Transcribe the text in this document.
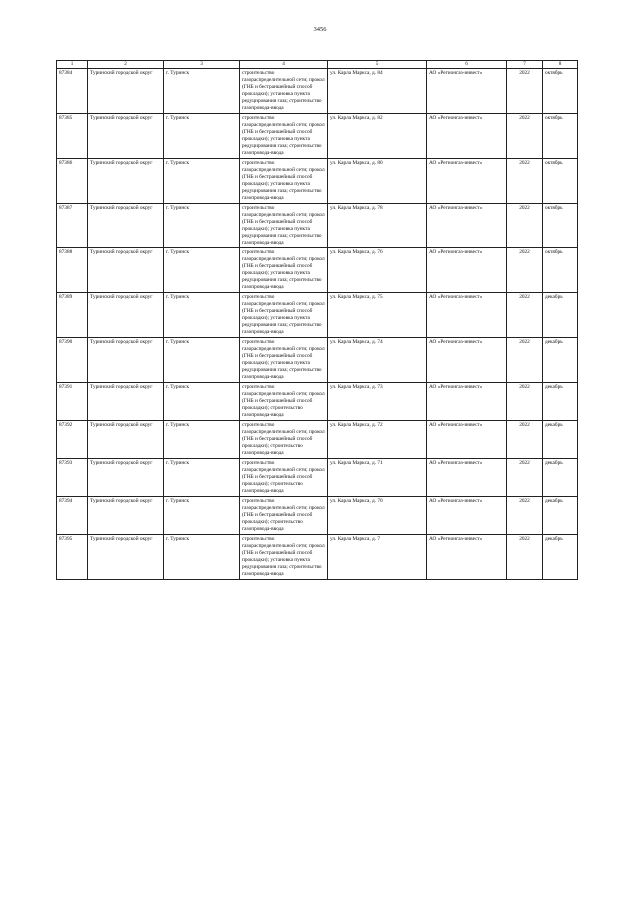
3456
1	2	3	4	5	6	7	8
87384	Туринский городской округ	г. Туринск	строительство газораспределительной сети; прокол (ГНБ и бестраншейный способ прокладки); установка пункта редуцирования газа; строительство газопровода-ввода	ул. Карла Маркса, д. 84	АО «Регионгаз-инвест»	2022	октябрь
87385	Туринский городской округ	г. Туринск	строительство газораспределительной сети; прокол (ГНБ и бестраншейный способ прокладки); установка пункта редуцирования газа; строительство газопровода-ввода	ул. Карла Маркса, д. 82	АО «Регионгаз-инвест»	2022	октябрь
87386	Туринский городской округ	г. Туринск	строительство газораспределительной сети; прокол (ГНБ и бестраншейный способ прокладки); установка пункта редуцирования газа; строительство газопровода-ввода	ул. Карла Маркса, д. 80	АО «Регионгаз-инвест»	2022	октябрь
87387	Туринский городской округ	г. Туринск	строительство газораспределительной сети; прокол (ГНБ и бестраншейный способ прокладки); установка пункта редуцирования газа; строительство газопровода-ввода	ул. Карла Маркса, д. 78	АО «Регионгаз-инвест»	2022	октябрь
87388	Туринский городской округ	г. Туринск	строительство газораспределительной сети; прокол (ГНБ и бестраншейный способ прокладки); установка пункта редуцирования газа; строительство газопровода-ввода	ул. Карла Маркса, д. 76	АО «Регионгаз-инвест»	2022	октябрь
87389	Туринский городской округ	г. Туринск	строительство газораспределительной сети; прокол (ГНБ и бестраншейный способ прокладки); установка пункта редуцирования газа; строительство газопровода-ввода	ул. Карла Маркса, д. 75	АО «Регионгаз-инвест»	2022	декабрь
87390	Туринский городской округ	г. Туринск	строительство газораспределительной сети; прокол (ГНБ и бестраншейный способ прокладки); установка пункта редуцирования газа; строительство газопровода-ввода	ул. Карла Маркса, д. 74	АО «Регионгаз-инвест»	2022	декабрь
87391	Туринский городской округ	г. Туринск	строительство газораспределительной сети; прокол (ГНБ и бестраншейный способ прокладки); строительство газопровода-ввода	ул. Карла Маркса, д. 73	АО «Регионгаз-инвест»	2022	декабрь
87392	Туринский городской округ	г. Туринск	строительство газораспределительной сети; прокол (ГНБ и бестраншейный способ прокладки); строительство газопровода-ввода	ул. Карла Маркса, д. 72	АО «Регионгаз-инвест»	2022	декабрь
87393	Туринский городской округ	г. Туринск	строительство газораспределительной сети; прокол (ГНБ и бестраншейный способ прокладки); строительство газопровода-ввода	ул. Карла Маркса, д. 71	АО «Регионгаз-инвест»	2022	декабрь
87394	Туринский городской округ	г. Туринск	строительство газораспределительной сети; прокол (ГНБ и бестраншейный способ прокладки); строительство газопровода-ввода	ул. Карла Маркса, д. 70	АО «Регионгаз-инвест»	2022	декабрь
87395	Туринский городской округ	г. Туринск	строительство газораспределительной сети; прокол (ГНБ и бестраншейный способ прокладки); установка пункта редуцирования газа; строительство газопровода-ввода	ул. Карла Маркса, д. 7	АО «Регионгаз-инвест»	2022	декабрь
